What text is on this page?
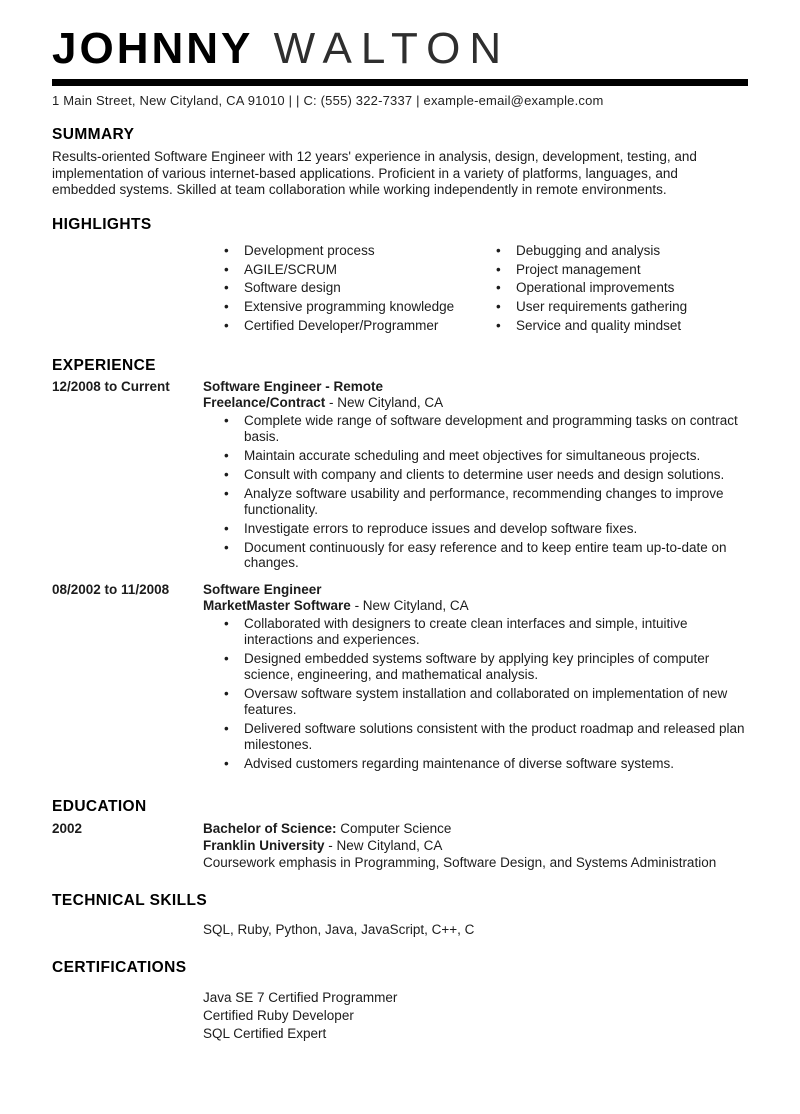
JOHNNY WALTON
1 Main Street, New Cityland, CA 91010 | | C: (555) 322-7337 | example-email@example.com
SUMMARY

Results-oriented Software Engineer with 12 years' experience in analysis, design, development, testing, and implementation of various internet-based applications. Proficient in a variety of platforms, languages, and embedded systems. Skilled at team collaboration while working independently in remote environments.

HIGHLIGHTS
• Development process
• AGILE/SCRUM
• Software design
• Extensive programming knowledge
• Certified Developer/Programmer
• Debugging and analysis
• Project management
• Operational improvements
• User requirements gathering
• Service and quality mindset
EXPERIENCE
12/2008 to Current	Software Engineer - Remote
Freelance/Contract - New Cityland, CA
• Complete wide range of software development and programming tasks on contract basis.
• Maintain accurate scheduling and meet objectives for simultaneous projects.
• Consult with company and clients to determine user needs and design solutions.
• Analyze software usability and performance, recommending changes to improve functionality.
• Investigate errors to reproduce issues and develop software fixes.
• Document continuously for easy reference and to keep entire team up-to-date on changes.
08/2002 to 11/2008	Software Engineer
MarketMaster Software - New Cityland, CA
• Collaborated with designers to create clean interfaces and simple, intuitive interactions and experiences.
• Designed embedded systems software by applying key principles of computer science, engineering, and mathematical analysis.
• Oversaw software system installation and collaborated on implementation of new features.
• Delivered software solutions consistent with the product roadmap and released plan milestones.
• Advised customers regarding maintenance of diverse software systems.
EDUCATION
2002	Bachelor of Science: Computer Science
Franklin University - New Cityland, CA
Coursework emphasis in Programming, Software Design, and Systems Administration
TECHNICAL SKILLS
SQL, Ruby, Python, Java, JavaScript, C++, C
CERTIFICATIONS
Java SE 7 Certified Programmer
Certified Ruby Developer
SQL Certified Expert
